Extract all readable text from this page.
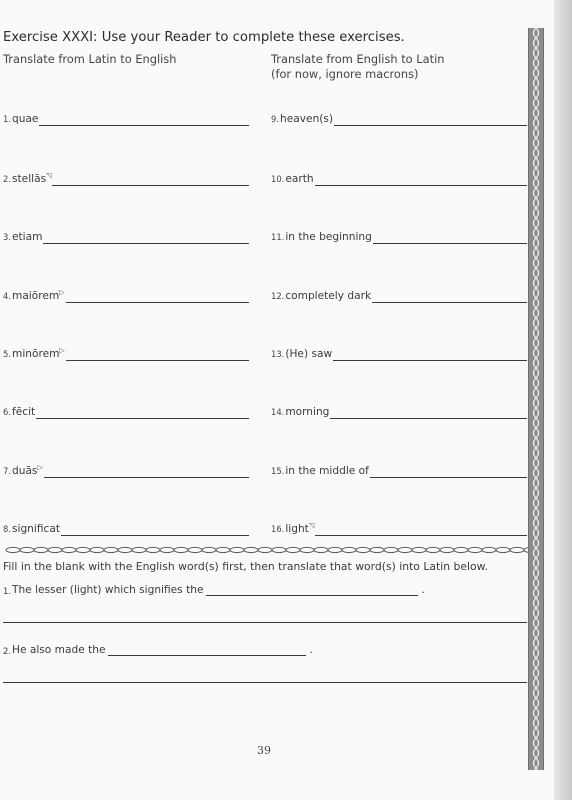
Exercise XXXI: Use your Reader to complete these exercises.
Translate from Latin to English	Translate from English to Latin
(for now, ignore macrons)
1.quae
2.stellās◹
3.etiam
4.maiōrem▷
5.minōrem▷
6.fēcit
7.duās▷
8.significat
9.heaven(s)
10.earth
11.in the beginning
12.completely dark
13.(He) saw
14.morning
15.in the middle of
16.light◹
Fill in the blank with the English word(s) first, then translate that word(s) into Latin below.
1. The lesser (light) which signifies the	.
2. He also made the	.
39
